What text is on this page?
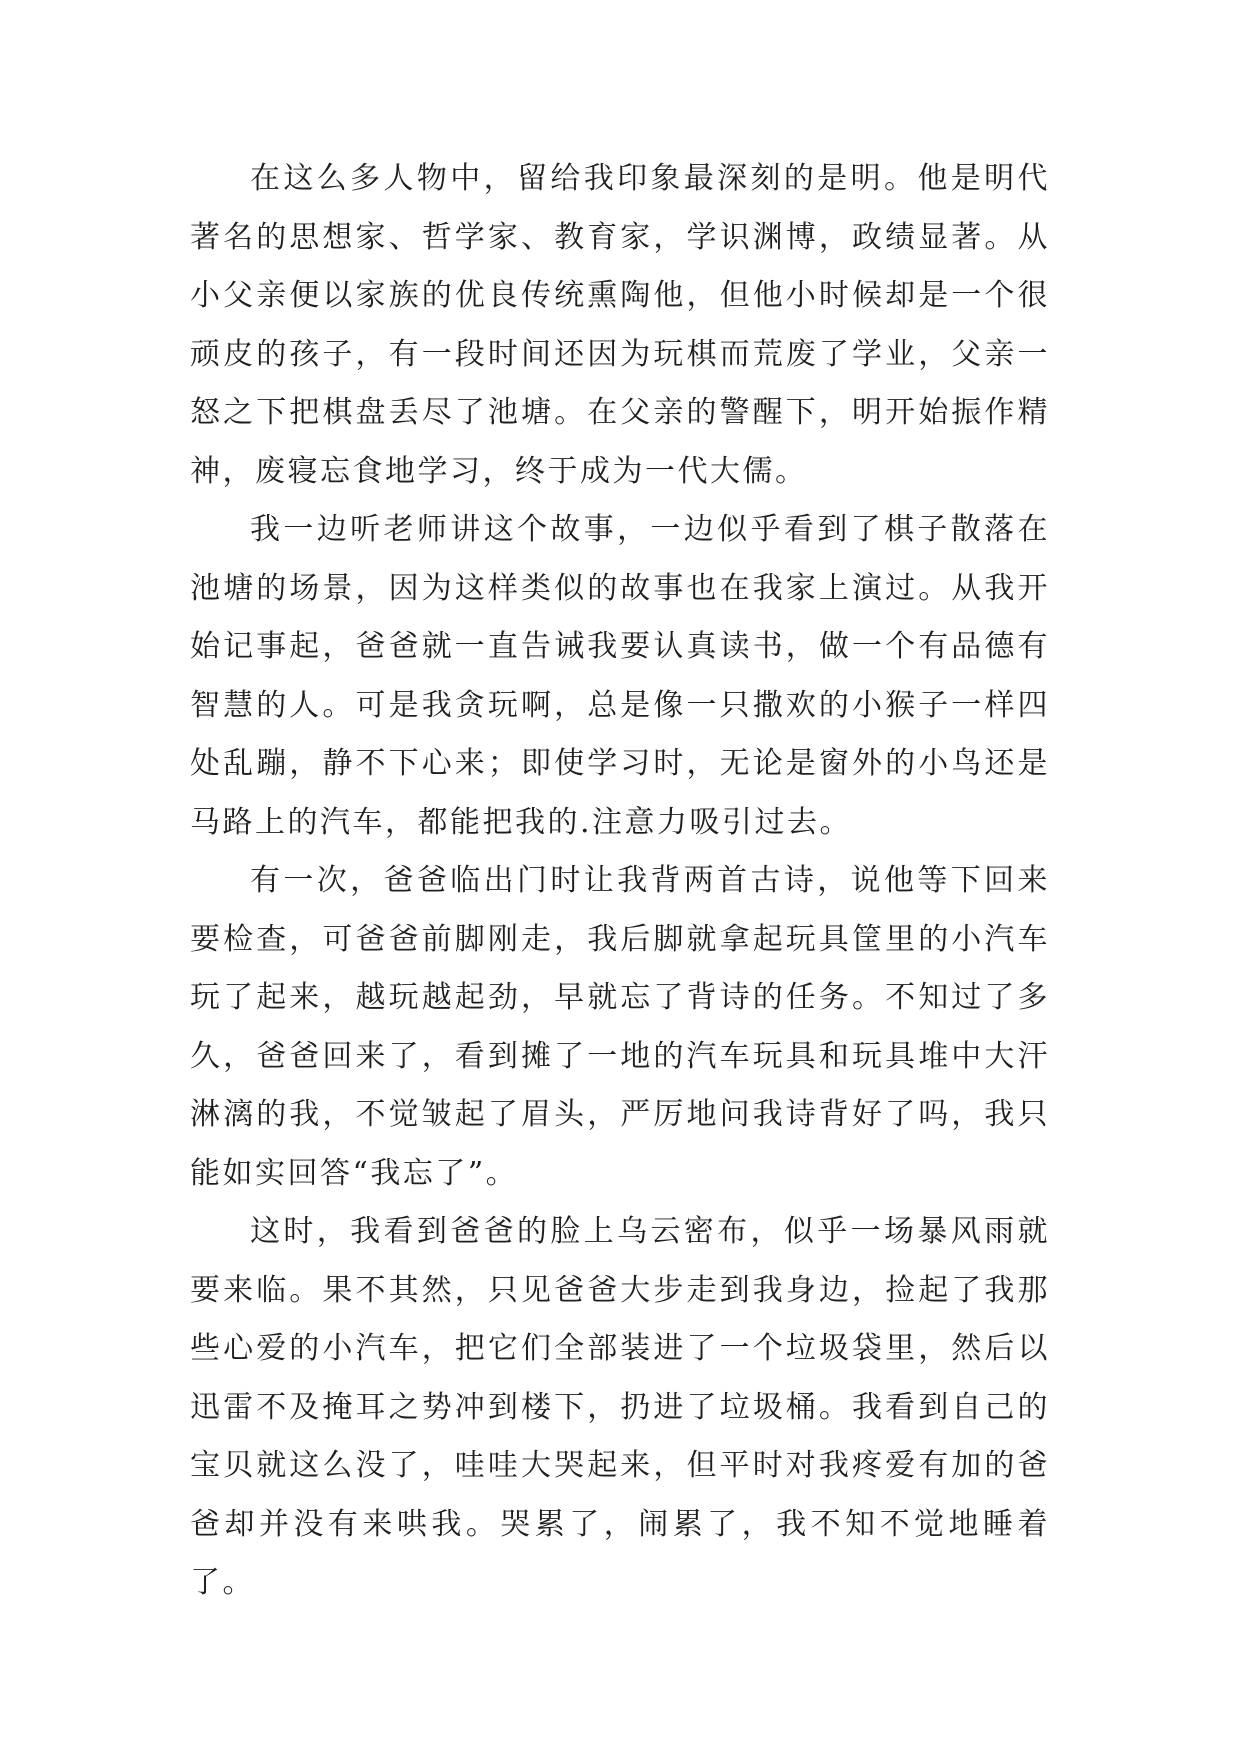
在这么多人物中，留给我印象最深刻的是明。他是明代著名的思想家、哲学家、教育家，学识渊博，政绩显著。从小父亲便以家族的优良传统熏陶他，但他小时候却是一个很顽皮的孩子，有一段时间还因为玩棋而荒废了学业，父亲一怒之下把棋盘丢尽了池塘。在父亲的警醒下，明开始振作精神，废寝忘食地学习，终于成为一代大儒。

我一边听老师讲这个故事，一边似乎看到了棋子散落在池塘的场景，因为这样类似的故事也在我家上演过。从我开始记事起，爸爸就一直告诫我要认真读书，做一个有品德有智慧的人。可是我贪玩啊，总是像一只撒欢的小猴子一样四处乱蹦，静不下心来；即使学习时，无论是窗外的小鸟还是马路上的汽车，都能把我的.注意力吸引过去。

有一次，爸爸临出门时让我背两首古诗，说他等下回来要检查，可爸爸前脚刚走，我后脚就拿起玩具筐里的小汽车玩了起来，越玩越起劲，早就忘了背诗的任务。不知过了多久，爸爸回来了，看到摊了一地的汽车玩具和玩具堆中大汗淋漓的我，不觉皱起了眉头，严厉地问我诗背好了吗，我只能如实回答“我忘了”。

这时，我看到爸爸的脸上乌云密布，似乎一场暴风雨就要来临。果不其然，只见爸爸大步走到我身边，捡起了我那些心爱的小汽车，把它们全部装进了一个垃圾袋里，然后以迅雷不及掩耳之势冲到楼下，扔进了垃圾桶。我看到自己的宝贝就这么没了，哇哇大哭起来，但平时对我疼爱有加的爸爸却并没有来哄我。哭累了，闹累了，我不知不觉地睡着了。
